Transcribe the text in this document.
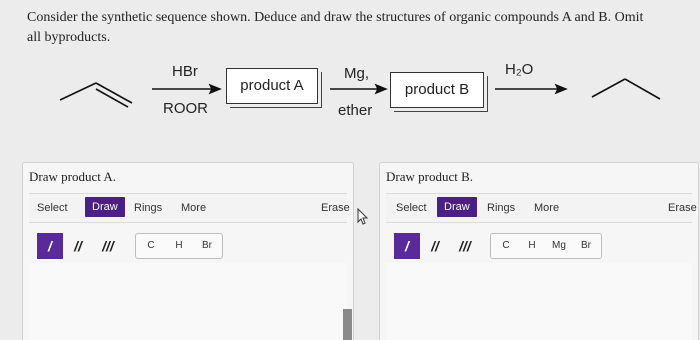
Consider the synthetic sequence shown. Deduce and draw the structures of organic compounds A and B. Omit
all byproducts.
HBr
ROOR
product A
Mg,
ether
product B
H₂O
Draw product A.
Select	Draw	Rings	More	Erase
/	//	///	C	H	Br
Draw product B.
Select	Draw	Rings	More	Erase
/	//	///	C	H	Mg	Br
